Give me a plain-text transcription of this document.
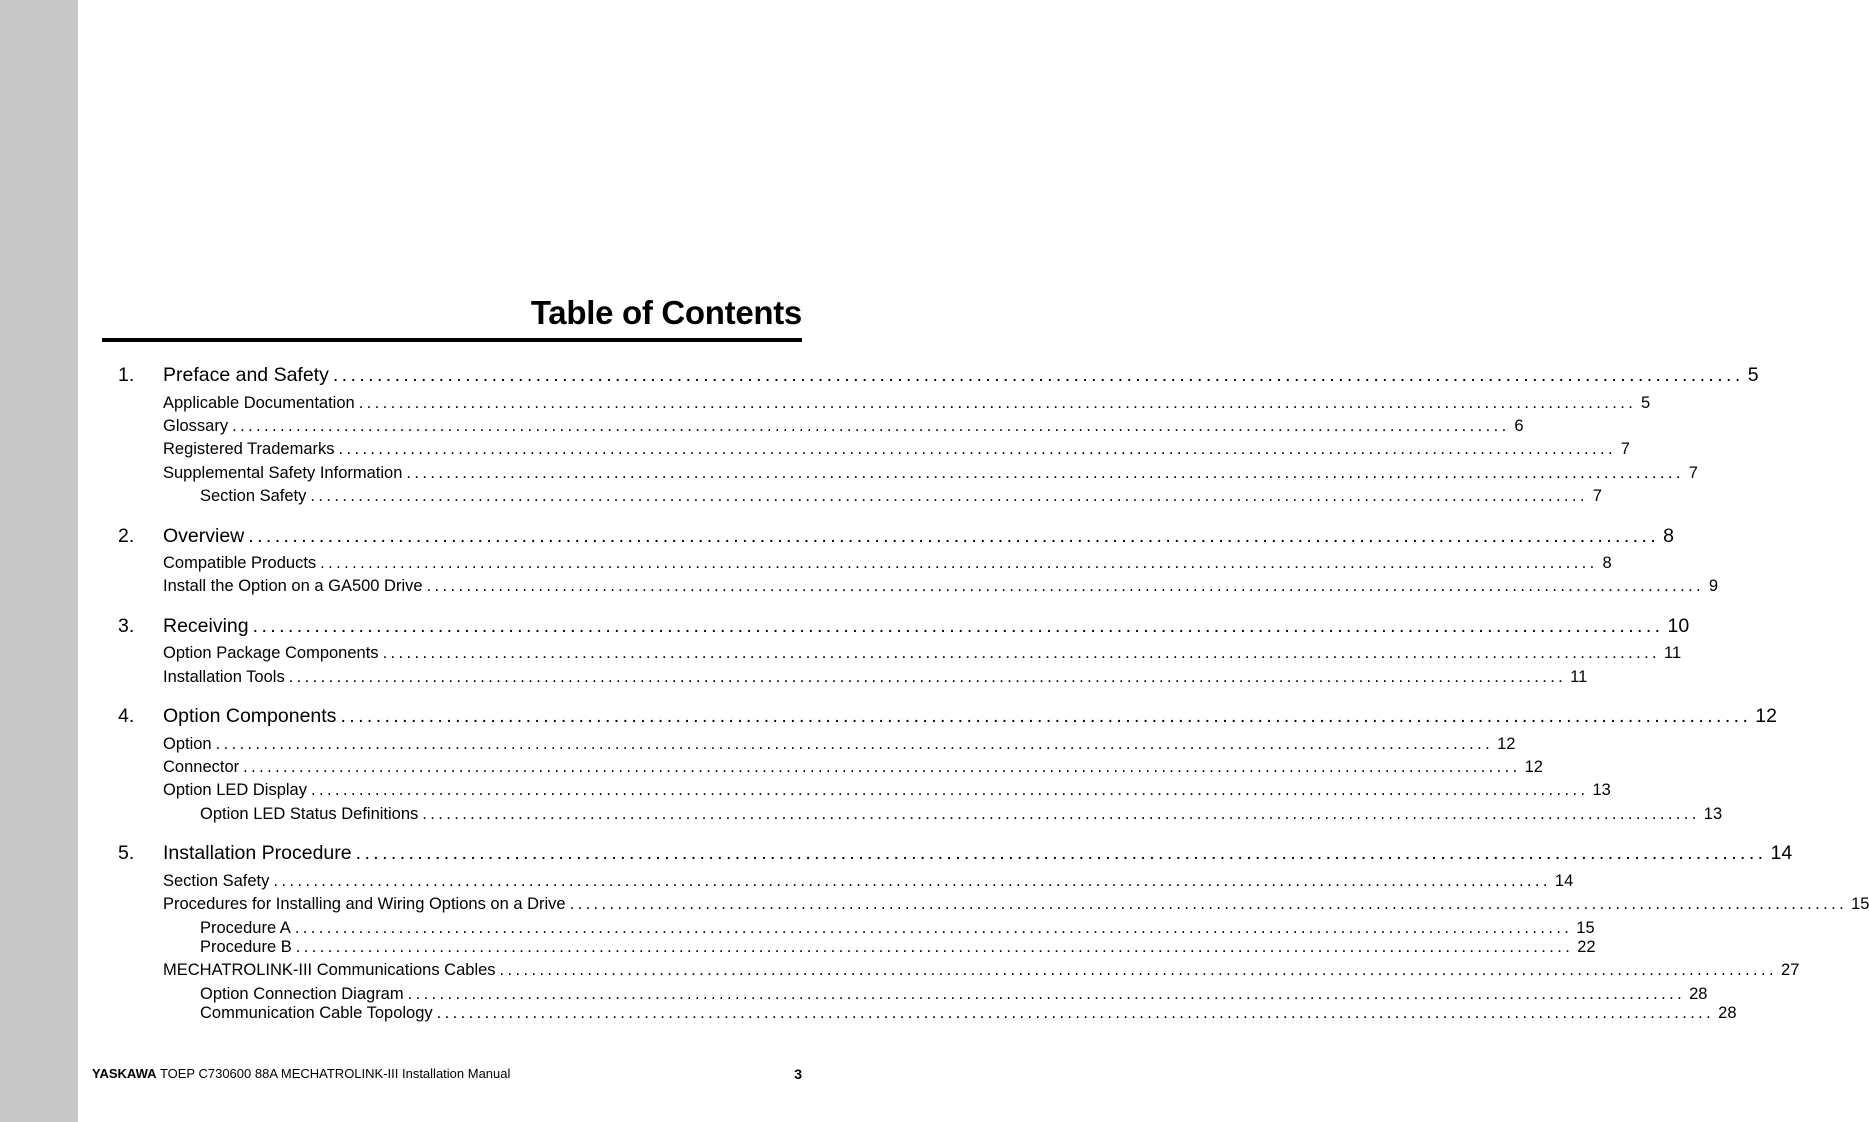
Table of Contents
1.	Preface and Safety ................................................................................................................................................................ 5
Applicable Documentation ................................................................................................................................................................ 5
Glossary ................................................................................................................................................................ 6
Registered Trademarks ................................................................................................................................................................ 7
Supplemental Safety Information ................................................................................................................................................................ 7
Section Safety ................................................................................................................................................................ 7
2.	Overview ................................................................................................................................................................ 8
Compatible Products ................................................................................................................................................................ 8
Install the Option on a GA500 Drive ................................................................................................................................................................ 9
3.	Receiving ................................................................................................................................................................ 10
Option Package Components ................................................................................................................................................................ 11
Installation Tools ................................................................................................................................................................ 11
4.	Option Components ................................................................................................................................................................ 12
Option ................................................................................................................................................................ 12
Connector ................................................................................................................................................................ 12
Option LED Display ................................................................................................................................................................ 13
Option LED Status Definitions ................................................................................................................................................................ 13
5.	Installation Procedure ................................................................................................................................................................ 14
Section Safety ................................................................................................................................................................ 14
Procedures for Installing and Wiring Options on a Drive ................................................................................................................................................................ 15
Procedure A ................................................................................................................................................................ 15
Procedure B ................................................................................................................................................................ 22
MECHATROLINK-III Communications Cables ................................................................................................................................................................ 27
Option Connection Diagram ................................................................................................................................................................ 28
Communication Cable Topology ................................................................................................................................................................ 28
YASKAWA TOEP C730600 88A MECHATROLINK-III Installation Manual	3
